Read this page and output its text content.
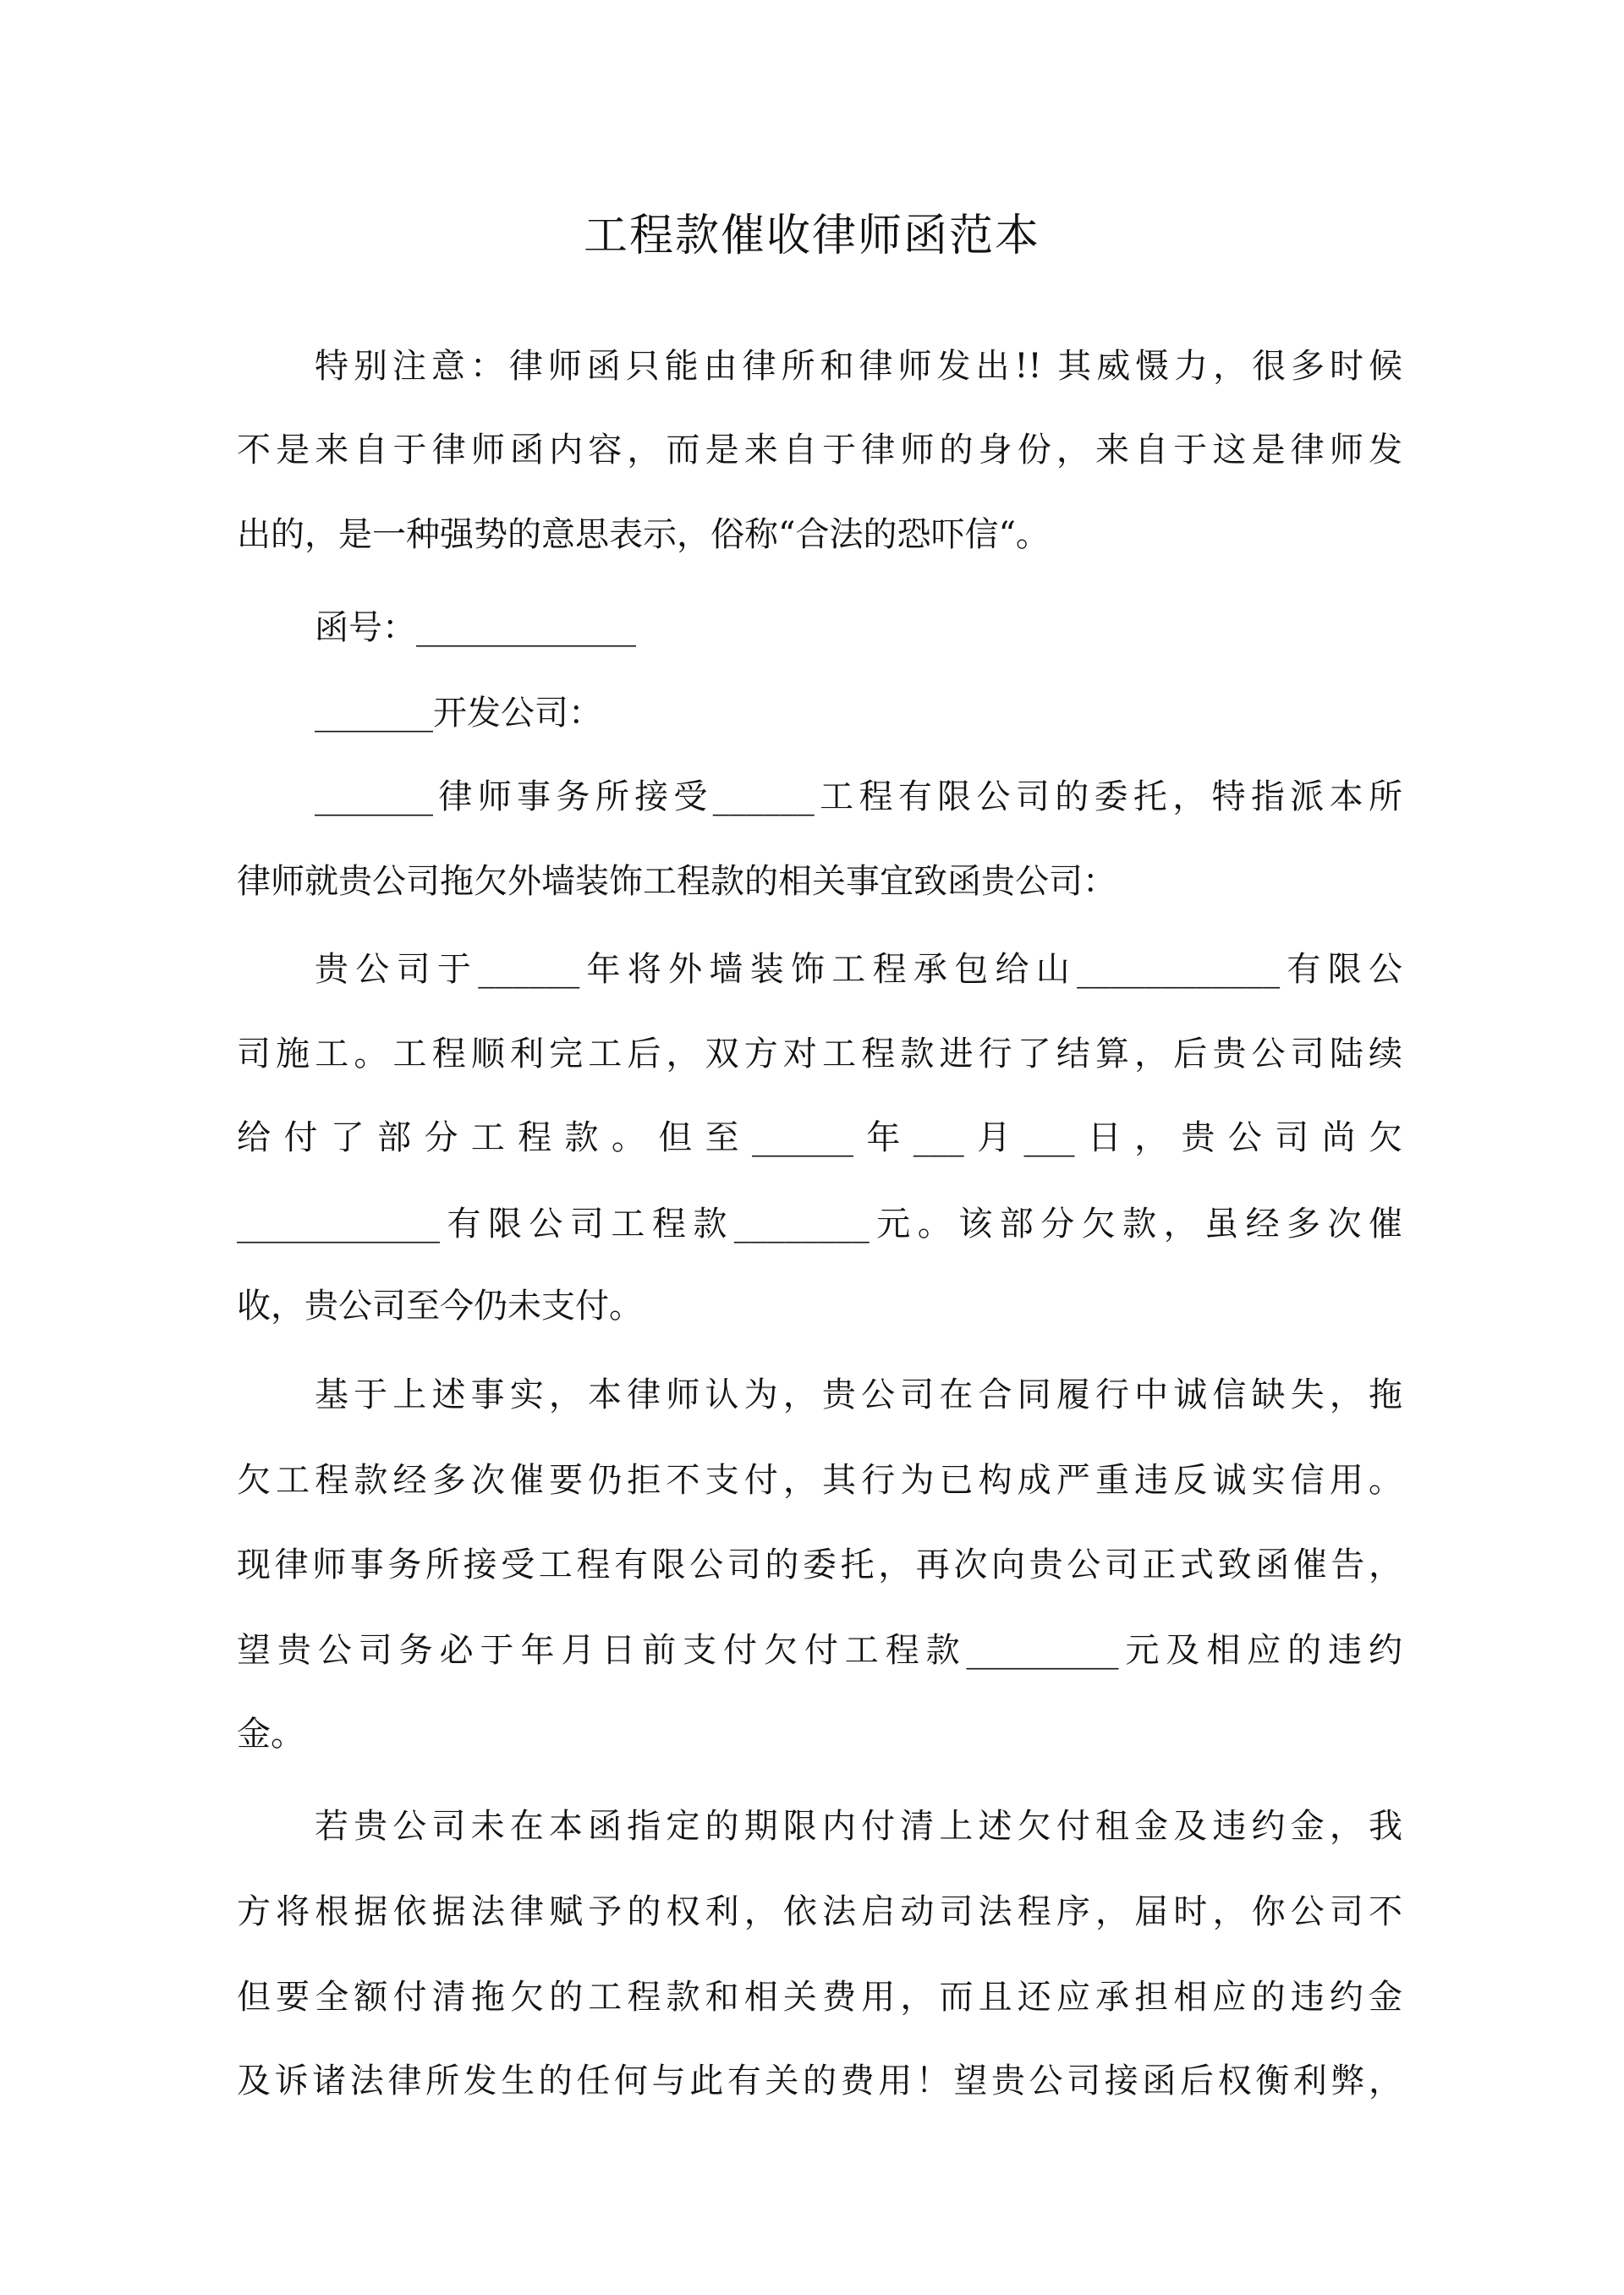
工程款催收律师函范本
特别注意：律师函只能由律所和律师发出!! 其威慑力，很多时候
不是来自于律师函内容，而是来自于律师的身份，来自于这是律师发
出的，是一种强势的意思表示，俗称“合法的恐吓信“。
函号：_____________
_______开发公司：
_______律师事务所接受______工程有限公司的委托，特指派本所
律师就贵公司拖欠外墙装饰工程款的相关事宜致函贵公司：
贵公司于______年将外墙装饰工程承包给山____________有限公
司施工。工程顺利完工后，双方对工程款进行了结算，后贵公司陆续
给付了部分工程款。但至______年___月___日，贵公司尚欠
____________有限公司工程款________元。该部分欠款，虽经多次催
收，贵公司至今仍未支付。
基于上述事实，本律师认为，贵公司在合同履行中诚信缺失，拖
欠工程款经多次催要仍拒不支付，其行为已构成严重违反诚实信用。
现律师事务所接受工程有限公司的委托，再次向贵公司正式致函催告，
望贵公司务必于年月日前支付欠付工程款_________元及相应的违约
金。
若贵公司未在本函指定的期限内付清上述欠付租金及违约金，我
方将根据依据法律赋予的权利，依法启动司法程序，届时，你公司不
但要全额付清拖欠的工程款和相关费用，而且还应承担相应的违约金
及诉诸法律所发生的任何与此有关的费用！望贵公司接函后权衡利弊，
